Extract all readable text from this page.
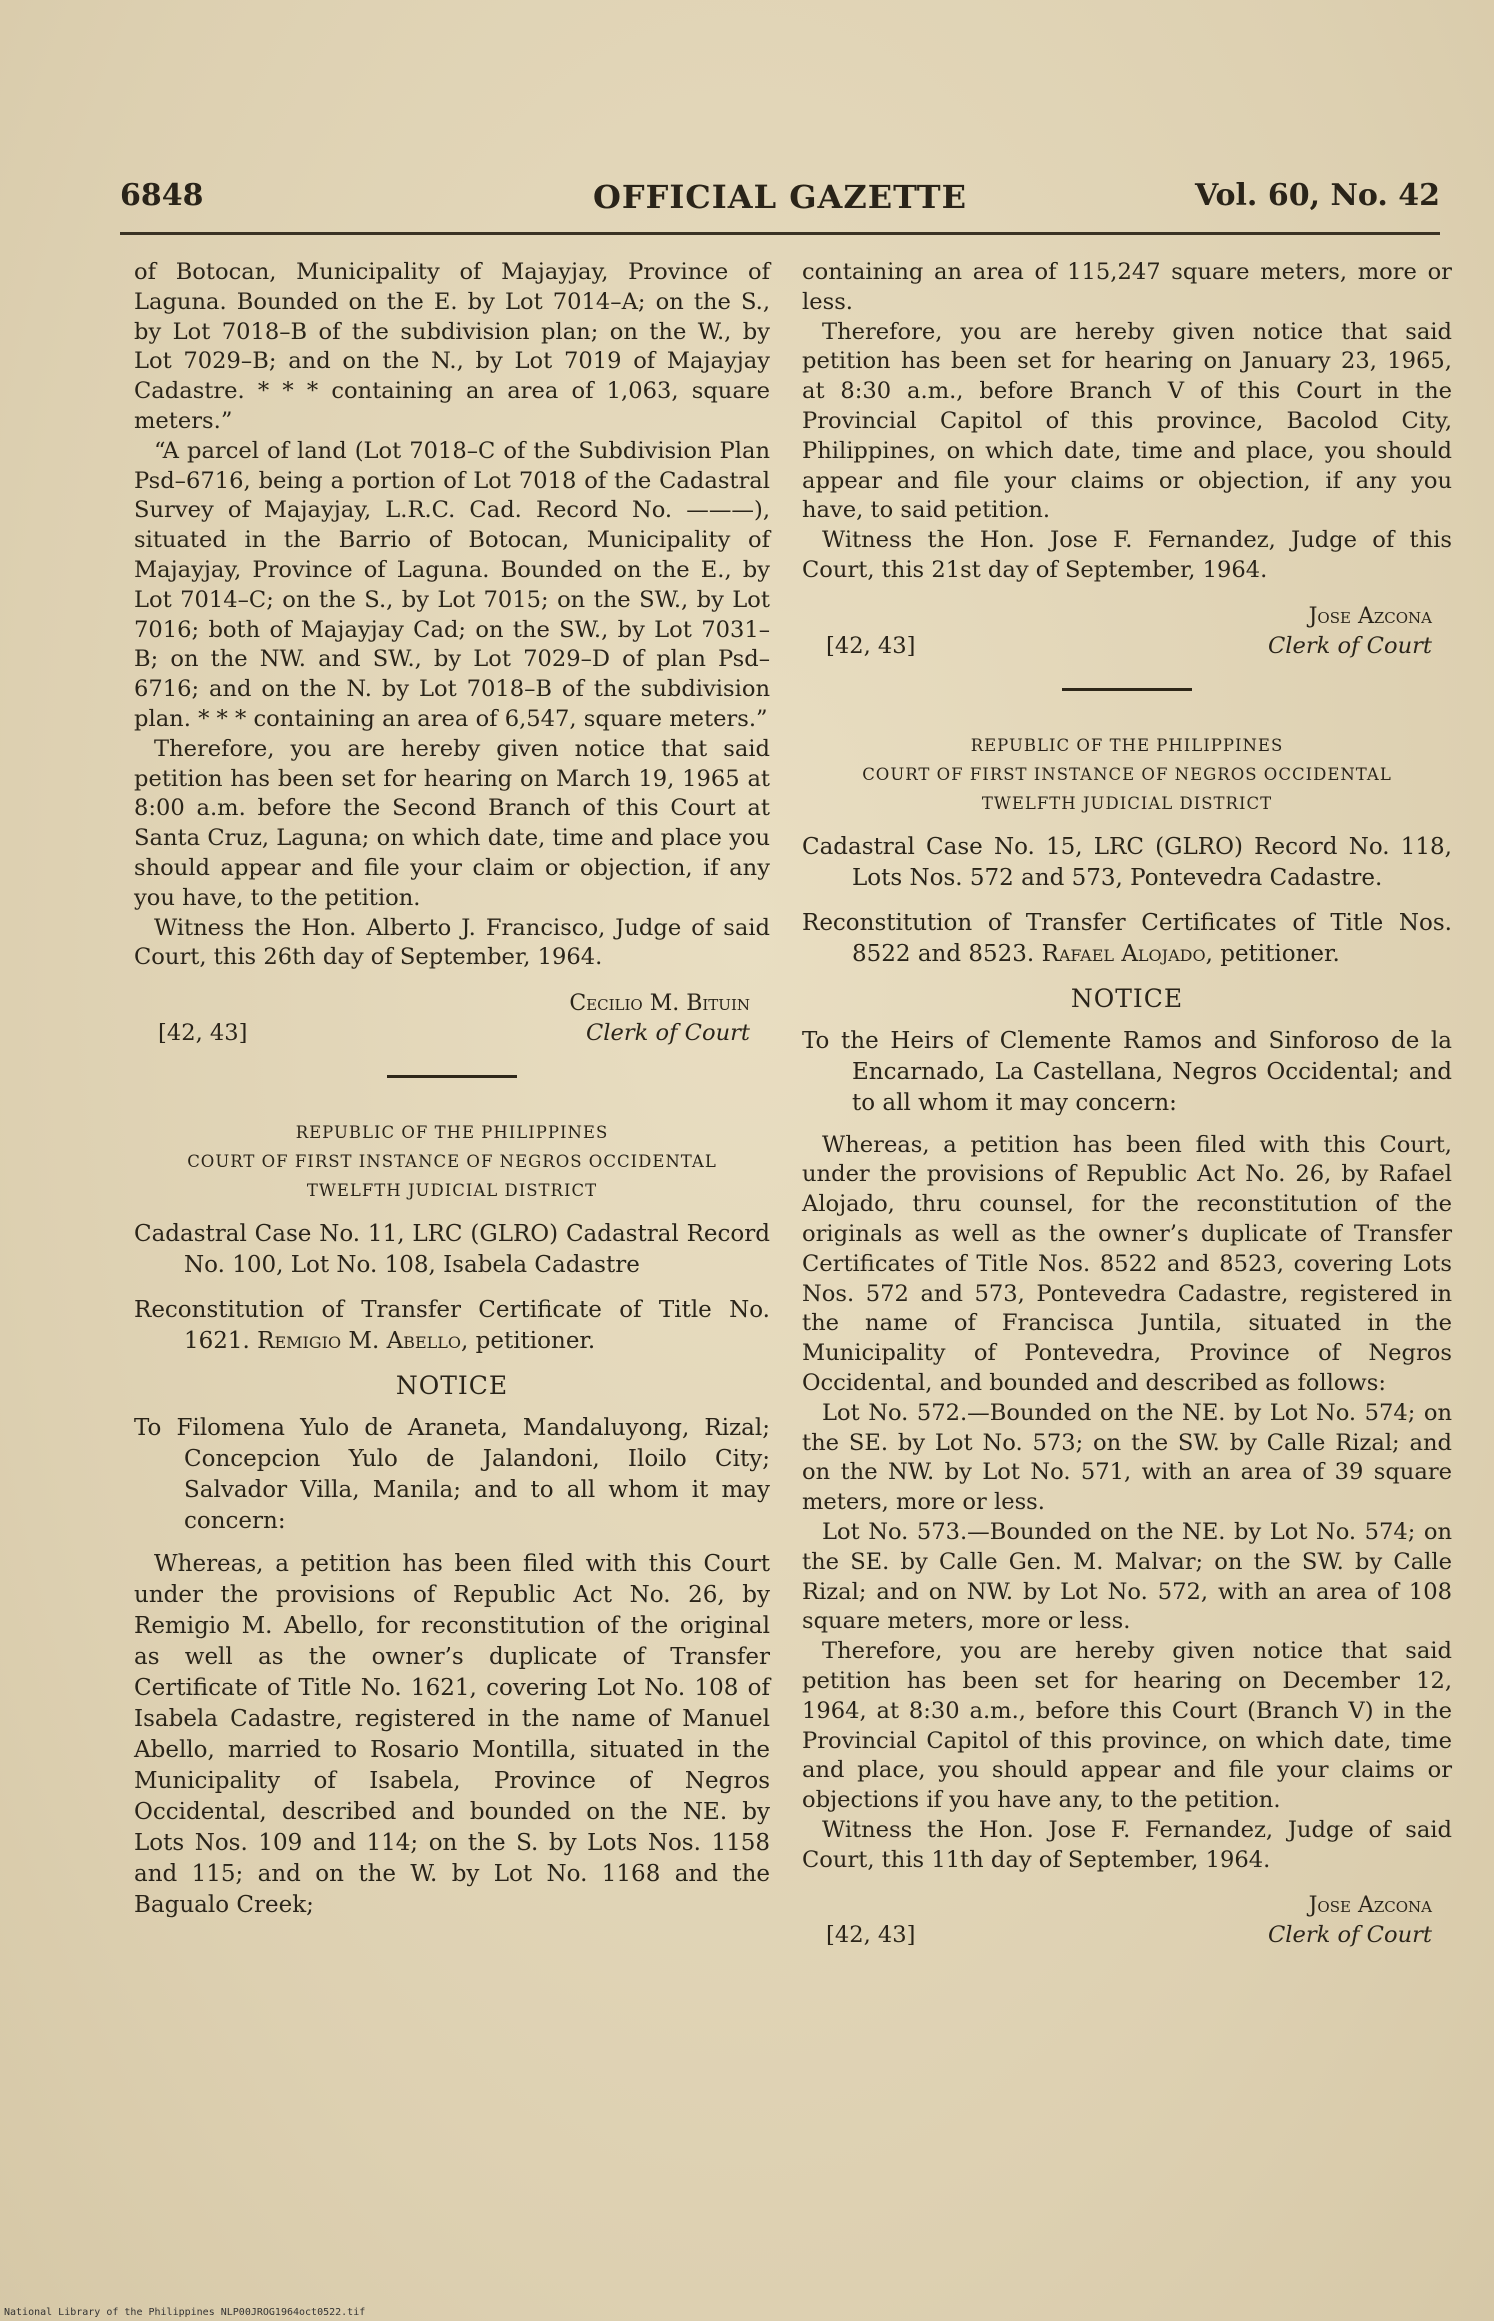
6848	OFFICIAL GAZETTE	Vol. 60, No. 42

of Botocan, Municipality of Majayjay, Province of Laguna. Bounded on the E. by Lot 7014–A; on the S., by Lot 7018–B of the subdivision plan; on the W., by Lot 7029–B; and on the N., by Lot 7019 of Majayjay Cadastre. * * * containing an area of 1,063, square meters.”

“A parcel of land (Lot 7018–C of the Subdivision Plan Psd–6716, being a portion of Lot 7018 of the Cadastral Survey of Majayjay, L.R.C. Cad. Record No. ———), situated in the Barrio of Botocan, Municipality of Majayjay, Province of Laguna. Bounded on the E., by Lot 7014–C; on the S., by Lot 7015; on the SW., by Lot 7016; both of Majayjay Cad; on the SW., by Lot 7031–B; on the NW. and SW., by Lot 7029–D of plan Psd–6716; and on the N. by Lot 7018–B of the subdivision plan. * * * containing an area of 6,547, square meters.”

Therefore, you are hereby given notice that said petition has been set for hearing on March 19, 1965 at 8:00 a.m. before the Second Branch of this Court at Santa Cruz, Laguna; on which date, time and place you should appear and file your claim or objection, if any you have, to the petition.

Witness the Hon. Alberto J. Francisco, Judge of said Court, this 26th day of September, 1964.

Cecilio M. Bituin
[42, 43]	Clerk of Court
REPUBLIC OF THE PHILIPPINES
COURT OF FIRST INSTANCE OF NEGROS OCCIDENTAL
TWELFTH JUDICIAL DISTRICT

Cadastral Case No. 11, LRC (GLRO) Cadastral Record No. 100, Lot No. 108, Isabela Cadastre

Reconstitution of Transfer Certificate of Title No. 1621. Remigio M. Abello, petitioner.

NOTICE

To Filomena Yulo de Araneta, Mandaluyong, Rizal; Concepcion Yulo de Jalandoni, Iloilo City; Salvador Villa, Manila; and to all whom it may concern:

Whereas, a petition has been filed with this Court under the provisions of Republic Act No. 26, by Remigio M. Abello, for reconstitution of the original as well as the owner’s duplicate of Transfer Certificate of Title No. 1621, covering Lot No. 108 of Isabela Cadastre, registered in the name of Manuel Abello, married to Rosario Montilla, situated in the Municipality of Isabela, Province of Negros Occidental, described and bounded on the NE. by Lots Nos. 109 and 114; on the S. by Lots Nos. 1158 and 115; and on the W. by Lot No. 1168 and the Bagualo Creek;

containing an area of 115,247 square meters, more or less.

Therefore, you are hereby given notice that said petition has been set for hearing on January 23, 1965, at 8:30 a.m., before Branch V of this Court in the Provincial Capitol of this province, Bacolod City, Philippines, on which date, time and place, you should appear and file your claims or objection, if any you have, to said petition.

Witness the Hon. Jose F. Fernandez, Judge of this Court, this 21st day of September, 1964.

Jose Azcona
[42, 43]	Clerk of Court
REPUBLIC OF THE PHILIPPINES
COURT OF FIRST INSTANCE OF NEGROS OCCIDENTAL
TWELFTH JUDICIAL DISTRICT

Cadastral Case No. 15, LRC (GLRO) Record No. 118, Lots Nos. 572 and 573, Pontevedra Cadastre.

Reconstitution of Transfer Certificates of Title Nos. 8522 and 8523. Rafael Alojado, petitioner.

NOTICE

To the Heirs of Clemente Ramos and Sinforoso de la Encarnado, La Castellana, Negros Occidental; and to all whom it may concern:

Whereas, a petition has been filed with this Court, under the provisions of Republic Act No. 26, by Rafael Alojado, thru counsel, for the reconstitution of the originals as well as the owner’s duplicate of Transfer Certificates of Title Nos. 8522 and 8523, covering Lots Nos. 572 and 573, Pontevedra Cadastre, registered in the name of Francisca Juntila, situated in the Municipality of Pontevedra, Province of Negros Occidental, and bounded and described as follows:

Lot No. 572.—Bounded on the NE. by Lot No. 574; on the SE. by Lot No. 573; on the SW. by Calle Rizal; and on the NW. by Lot No. 571, with an area of 39 square meters, more or less.

Lot No. 573.—Bounded on the NE. by Lot No. 574; on the SE. by Calle Gen. M. Malvar; on the SW. by Calle Rizal; and on NW. by Lot No. 572, with an area of 108 square meters, more or less.

Therefore, you are hereby given notice that said petition has been set for hearing on December 12, 1964, at 8:30 a.m., before this Court (Branch V) in the Provincial Capitol of this province, on which date, time and place, you should appear and file your claims or objections if you have any, to the petition.

Witness the Hon. Jose F. Fernandez, Judge of said Court, this 11th day of September, 1964.

Jose Azcona
[42, 43]	Clerk of Court
National Library of the Philippines NLP00JROG1964oct0522.tif
